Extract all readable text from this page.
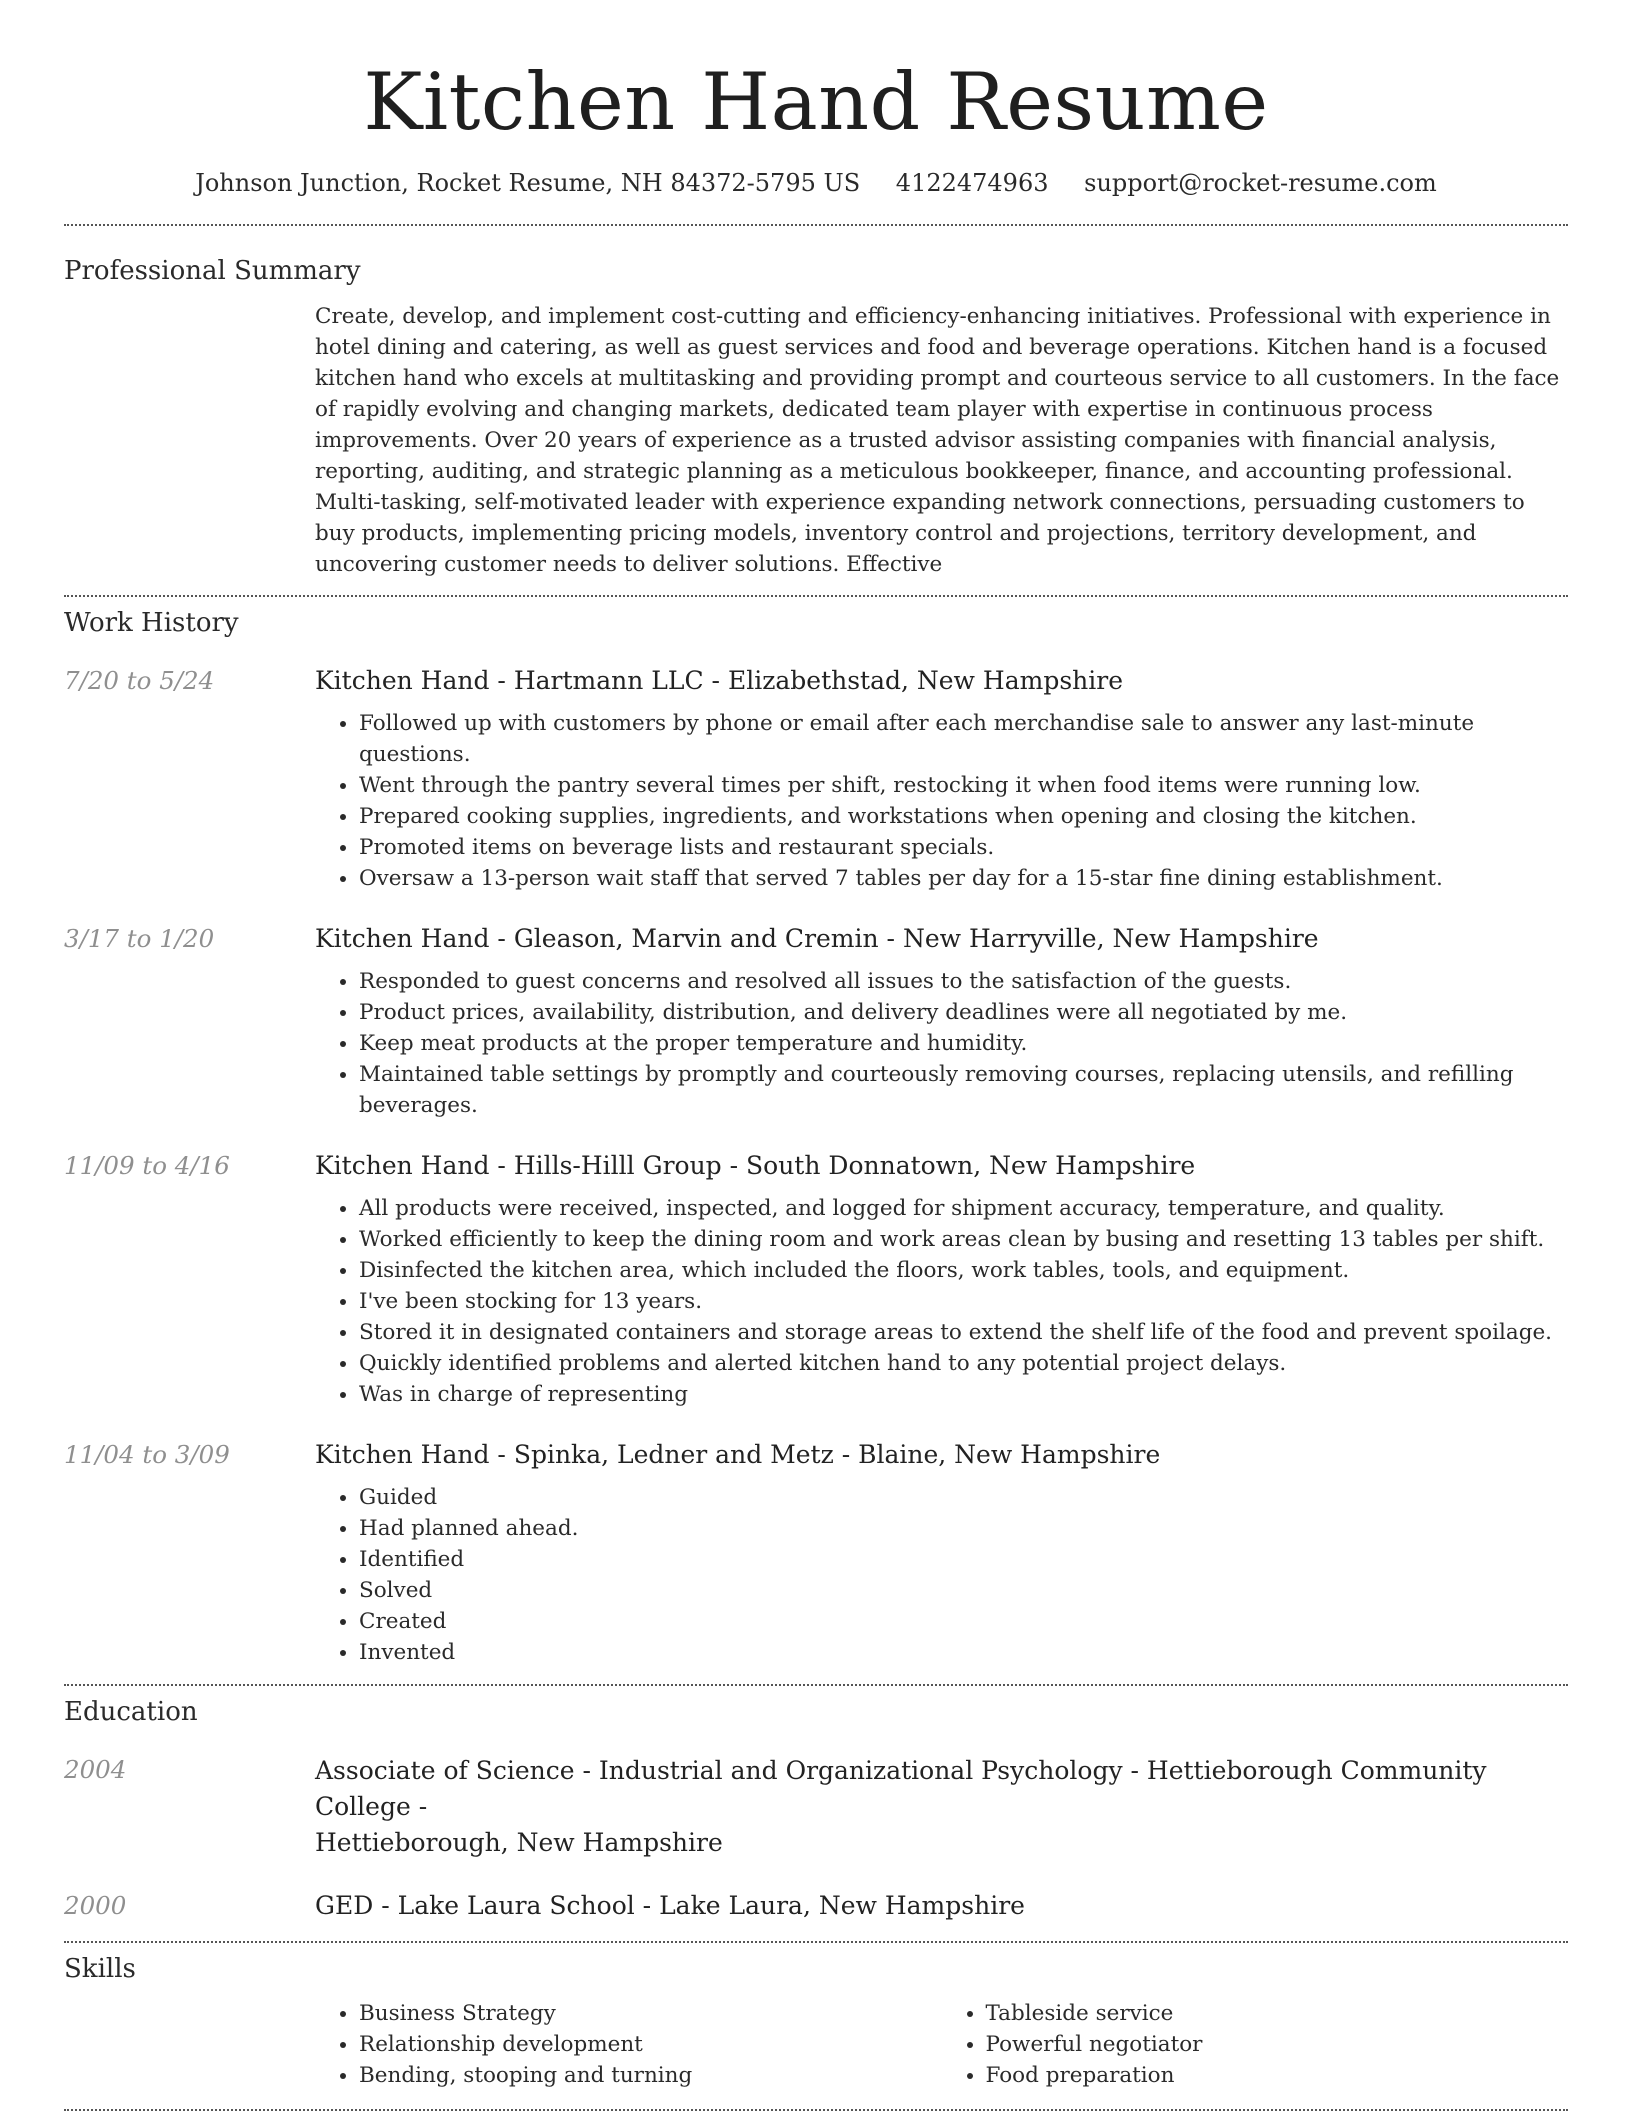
Kitchen Hand Resume
Johnson Junction, Rocket Resume, NH 84372-5795 US 4122474963 support@rocket-resume.com
Professional Summary
Create, develop, and implement cost-cutting and efficiency-enhancing initiatives. Professional with experience in hotel dining and catering, as well as guest services and food and beverage operations. Kitchen hand is a focused kitchen hand who excels at multitasking and providing prompt and courteous service to all customers. In the face of rapidly evolving and changing markets, dedicated team player with expertise in continuous process improvements. Over 20 years of experience as a trusted advisor assisting companies with financial analysis, reporting, auditing, and strategic planning as a meticulous bookkeeper, finance, and accounting professional. Multi-tasking, self-motivated leader with experience expanding network connections, persuading customers to buy products, implementing pricing models, inventory control and projections, territory development, and uncovering customer needs to deliver solutions. Effective
Work History
7/20 to 5/24	Kitchen Hand - Hartmann LLC - Elizabethstad, New Hampshire
• Followed up with customers by phone or email after each merchandise sale to answer any last-minute questions.
• Went through the pantry several times per shift, restocking it when food items were running low.
• Prepared cooking supplies, ingredients, and workstations when opening and closing the kitchen.
• Promoted items on beverage lists and restaurant specials.
• Oversaw a 13-person wait staff that served 7 tables per day for a 15-star fine dining establishment.
3/17 to 1/20	Kitchen Hand - Gleason, Marvin and Cremin - New Harryville, New Hampshire
• Responded to guest concerns and resolved all issues to the satisfaction of the guests.
• Product prices, availability, distribution, and delivery deadlines were all negotiated by me.
• Keep meat products at the proper temperature and humidity.
• Maintained table settings by promptly and courteously removing courses, replacing utensils, and refilling beverages.
11/09 to 4/16	Kitchen Hand - Hills-Hilll Group - South Donnatown, New Hampshire
• All products were received, inspected, and logged for shipment accuracy, temperature, and quality.
• Worked efficiently to keep the dining room and work areas clean by busing and resetting 13 tables per shift.
• Disinfected the kitchen area, which included the floors, work tables, tools, and equipment.
• I've been stocking for 13 years.
• Stored it in designated containers and storage areas to extend the shelf life of the food and prevent spoilage.
• Quickly identified problems and alerted kitchen hand to any potential project delays.
• Was in charge of representing
11/04 to 3/09	Kitchen Hand - Spinka, Ledner and Metz - Blaine, New Hampshire
• Guided
• Had planned ahead.
• Identified
• Solved
• Created
• Invented
Education
2004	Associate of Science - Industrial and Organizational Psychology - Hettieborough Community College -
Hettieborough, New Hampshire
2000	GED - Lake Laura School - Lake Laura, New Hampshire
Skills
• Business Strategy
• Relationship development
• Bending, stooping and turning
• Tableside service
• Powerful negotiator
• Food preparation
